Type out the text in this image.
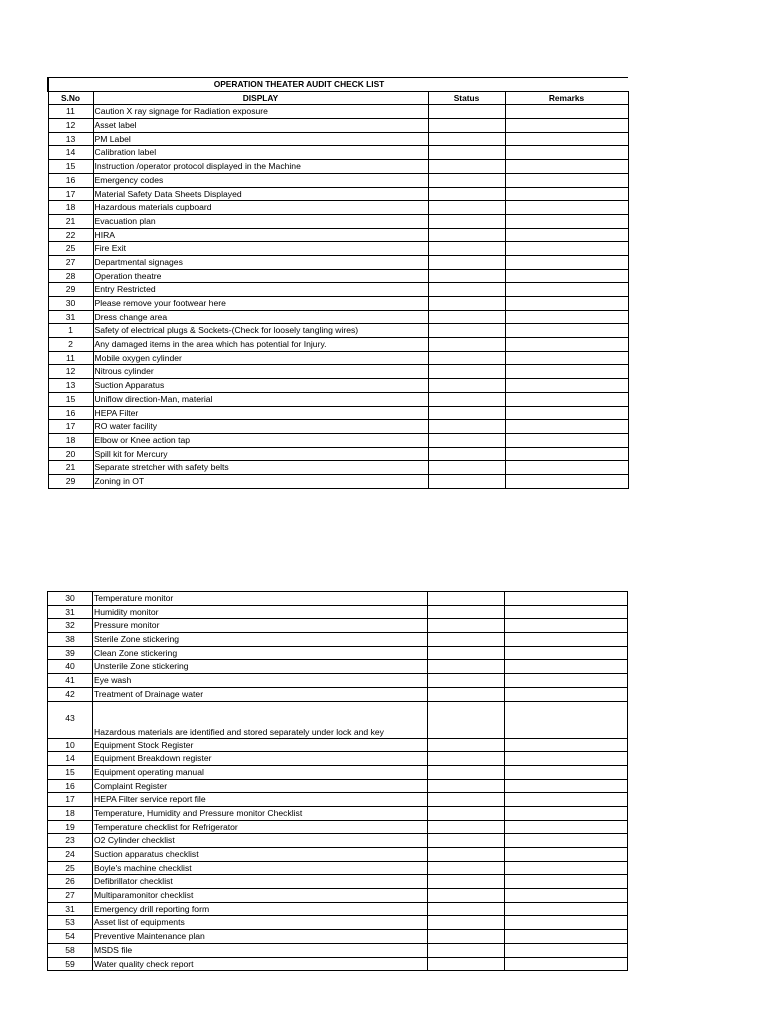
	OPERATION THEATER AUDIT CHECK LIST		
S.No	DISPLAY	Status	Remarks
11	Caution X ray signage for Radiation exposure		
12	Asset label		
13	PM Label		
14	Calibration label		
15	Instruction /operator protocol displayed in the Machine		
16	Emergency codes		
17	Material Safety Data Sheets Displayed		
18	Hazardous materials cupboard		
21	Evacuation plan		
22	HIRA		
25	Fire Exit		
27	Departmental signages		
28	Operation theatre		
29	Entry Restricted		
30	Please remove your footwear here		
31	Dress change area		
1	Safety of electrical plugs & Sockets-(Check for loosely tangling wires)		
2	Any damaged items in the area which has potential for Injury.		
11	Mobile oxygen cylinder		
12	Nitrous cylinder		
13	Suction Apparatus		
15	Uniflow direction-Man, material		
16	HEPA Filter		
17	RO water facility		
18	Elbow or Knee action tap		
20	Spill kit for Mercury		
21	Separate stretcher with safety belts		
29	Zoning in OT		
30	Temperature monitor		
31	Humidity monitor		
32	Pressure monitor		
38	Sterile Zone stickering		
39	Clean Zone stickering		
40	Unsterile Zone stickering		
41	Eye wash		
42	Treatment of Drainage water		
43	Hazardous materials are identified and stored separately under lock and key		
10	Equipment Stock Register		
14	Equipment Breakdown register		
15	Equipment operating manual		
16	Complaint Register		
17	HEPA Filter service report file		
18	Temperature, Humidity and Pressure monitor Checklist		
19	Temperature checklist for Refrigerator		
23	O2 Cylinder checklist		
24	Suction apparatus checklist		
25	Boyle's machine checklist		
26	Defibrillator checklist		
27	Multiparamonitor checklist		
31	Emergency drill reporting form		
53	Asset list of equipments		
54	Preventive Maintenance plan		
58	MSDS file		
59	Water quality check report		
